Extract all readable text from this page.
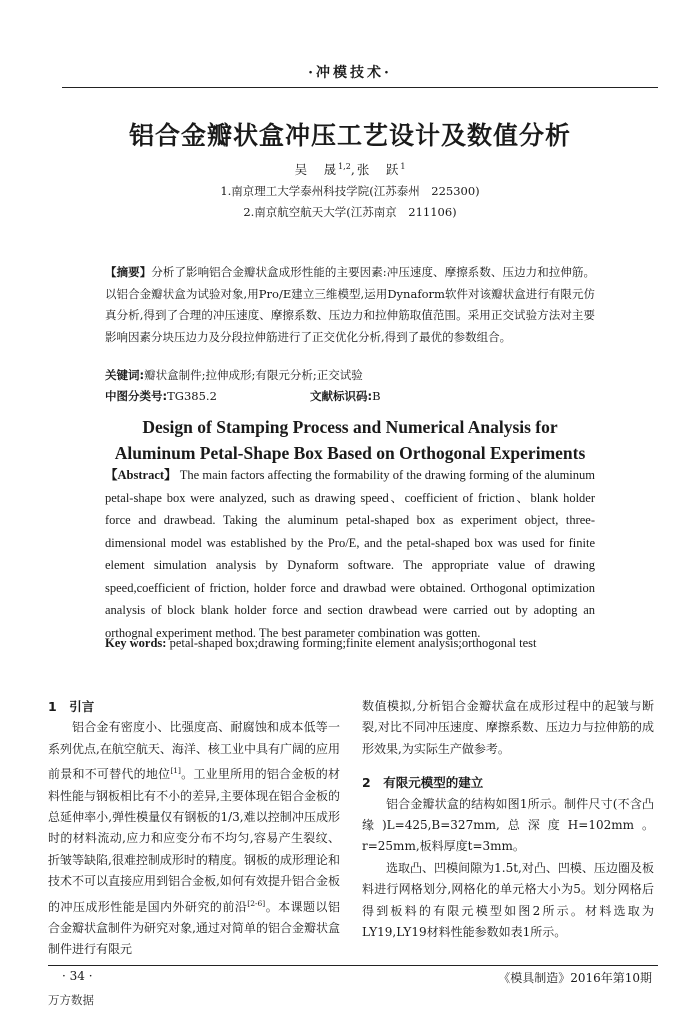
·冲模技术·
铝合金瓣状盒冲压工艺设计及数值分析
吴　晟$^{1,2}$,张　跃$^1$
1.南京理工大学泰州科技学院(江苏泰州　225300)
2.南京航空航天大学(江苏南京　211106)
【摘要】分析了影响铝合金瓣状盒成形性能的主要因素:冲压速度、摩擦系数、压边力和拉伸筋。以铝合金瓣状盒为试验对象,用Pro/E建立三维模型,运用Dynaform软件对该瓣状盒进行有限元仿真分析,得到了合理的冲压速度、摩擦系数、压边力和拉伸筋取值范围。采用正交试验方法对主要影响因素分块压边力及分段拉伸筋进行了正交优化分析,得到了最优的参数组合。
关键词:瓣状盒制件;拉伸成形;有限元分析;正交试验
中图分类号:TG385.2	文献标识码:B
Design of Stamping Process and Numerical Analysis for
Aluminum Petal-Shape Box Based on Orthogonal Experiments
【Abstract】 The main factors affecting the formability of the drawing forming of the aluminum petal-shape box were analyzed, such as drawing speed、coefficient of friction、blank holder force and drawbead. Taking the aluminum petal-shaped box as experiment object, three-dimensional model was established by the Pro/E, and the petal-shaped box was used for finite element simulation analysis by Dynaform software. The appropriate value of drawing speed,coefficient of friction, holder force and drawbad were obtained. Orthogonal optimization analysis of block blank holder force and section drawbead were carried out by adopting an orthognal experiment method. The best parameter combination was gotten.
Key words: petal-shaped box;drawing forming;finite element analysis;orthogonal test
1　引言

铝合金有密度小、比强度高、耐腐蚀和成本低等一系列优点,在航空航天、海洋、核工业中具有广阔的应用前景和不可替代的地位[1]。工业里所用的铝合金板的材料性能与钢板相比有不小的差异,主要体现在铝合金板的总延伸率小,弹性模量仅有钢板的1/3,难以控制冲压成形时的材料流动,应力和应变分布不均匀,容易产生裂纹、折皱等缺陷,很难控制成形时的精度。钢板的成形理论和技术不可以直接应用到铝合金板,如何有效提升铝合金板的冲压成形性能是国内外研究的前沿[2-6]。本课题以铝合金瓣状盒制件为研究对象,通过对简单的铝合金瓣状盒制件进行有限元

数值模拟,分析铝合金瓣状盒在成形过程中的起皱与断裂,对比不同冲压速度、摩擦系数、压边力与拉伸筋的成形效果,为实际生产做参考。

2　有限元模型的建立

铝合金瓣状盒的结构如图1所示。制件尺寸(不含凸缘)L=425,B=327mm,总深度H=102mm。r=25mm,板料厚度t=3mm。

选取凸、凹模间隙为1.5t,对凸、凹模、压边圈及板料进行网格划分,网格化的单元格大小为5。划分网格后得到板料的有限元模型如图2所示。材料选取为LY19,LY19材料性能参数如表1所示。

· 34 ·	《模具制造》2016年第10期
万方数据
